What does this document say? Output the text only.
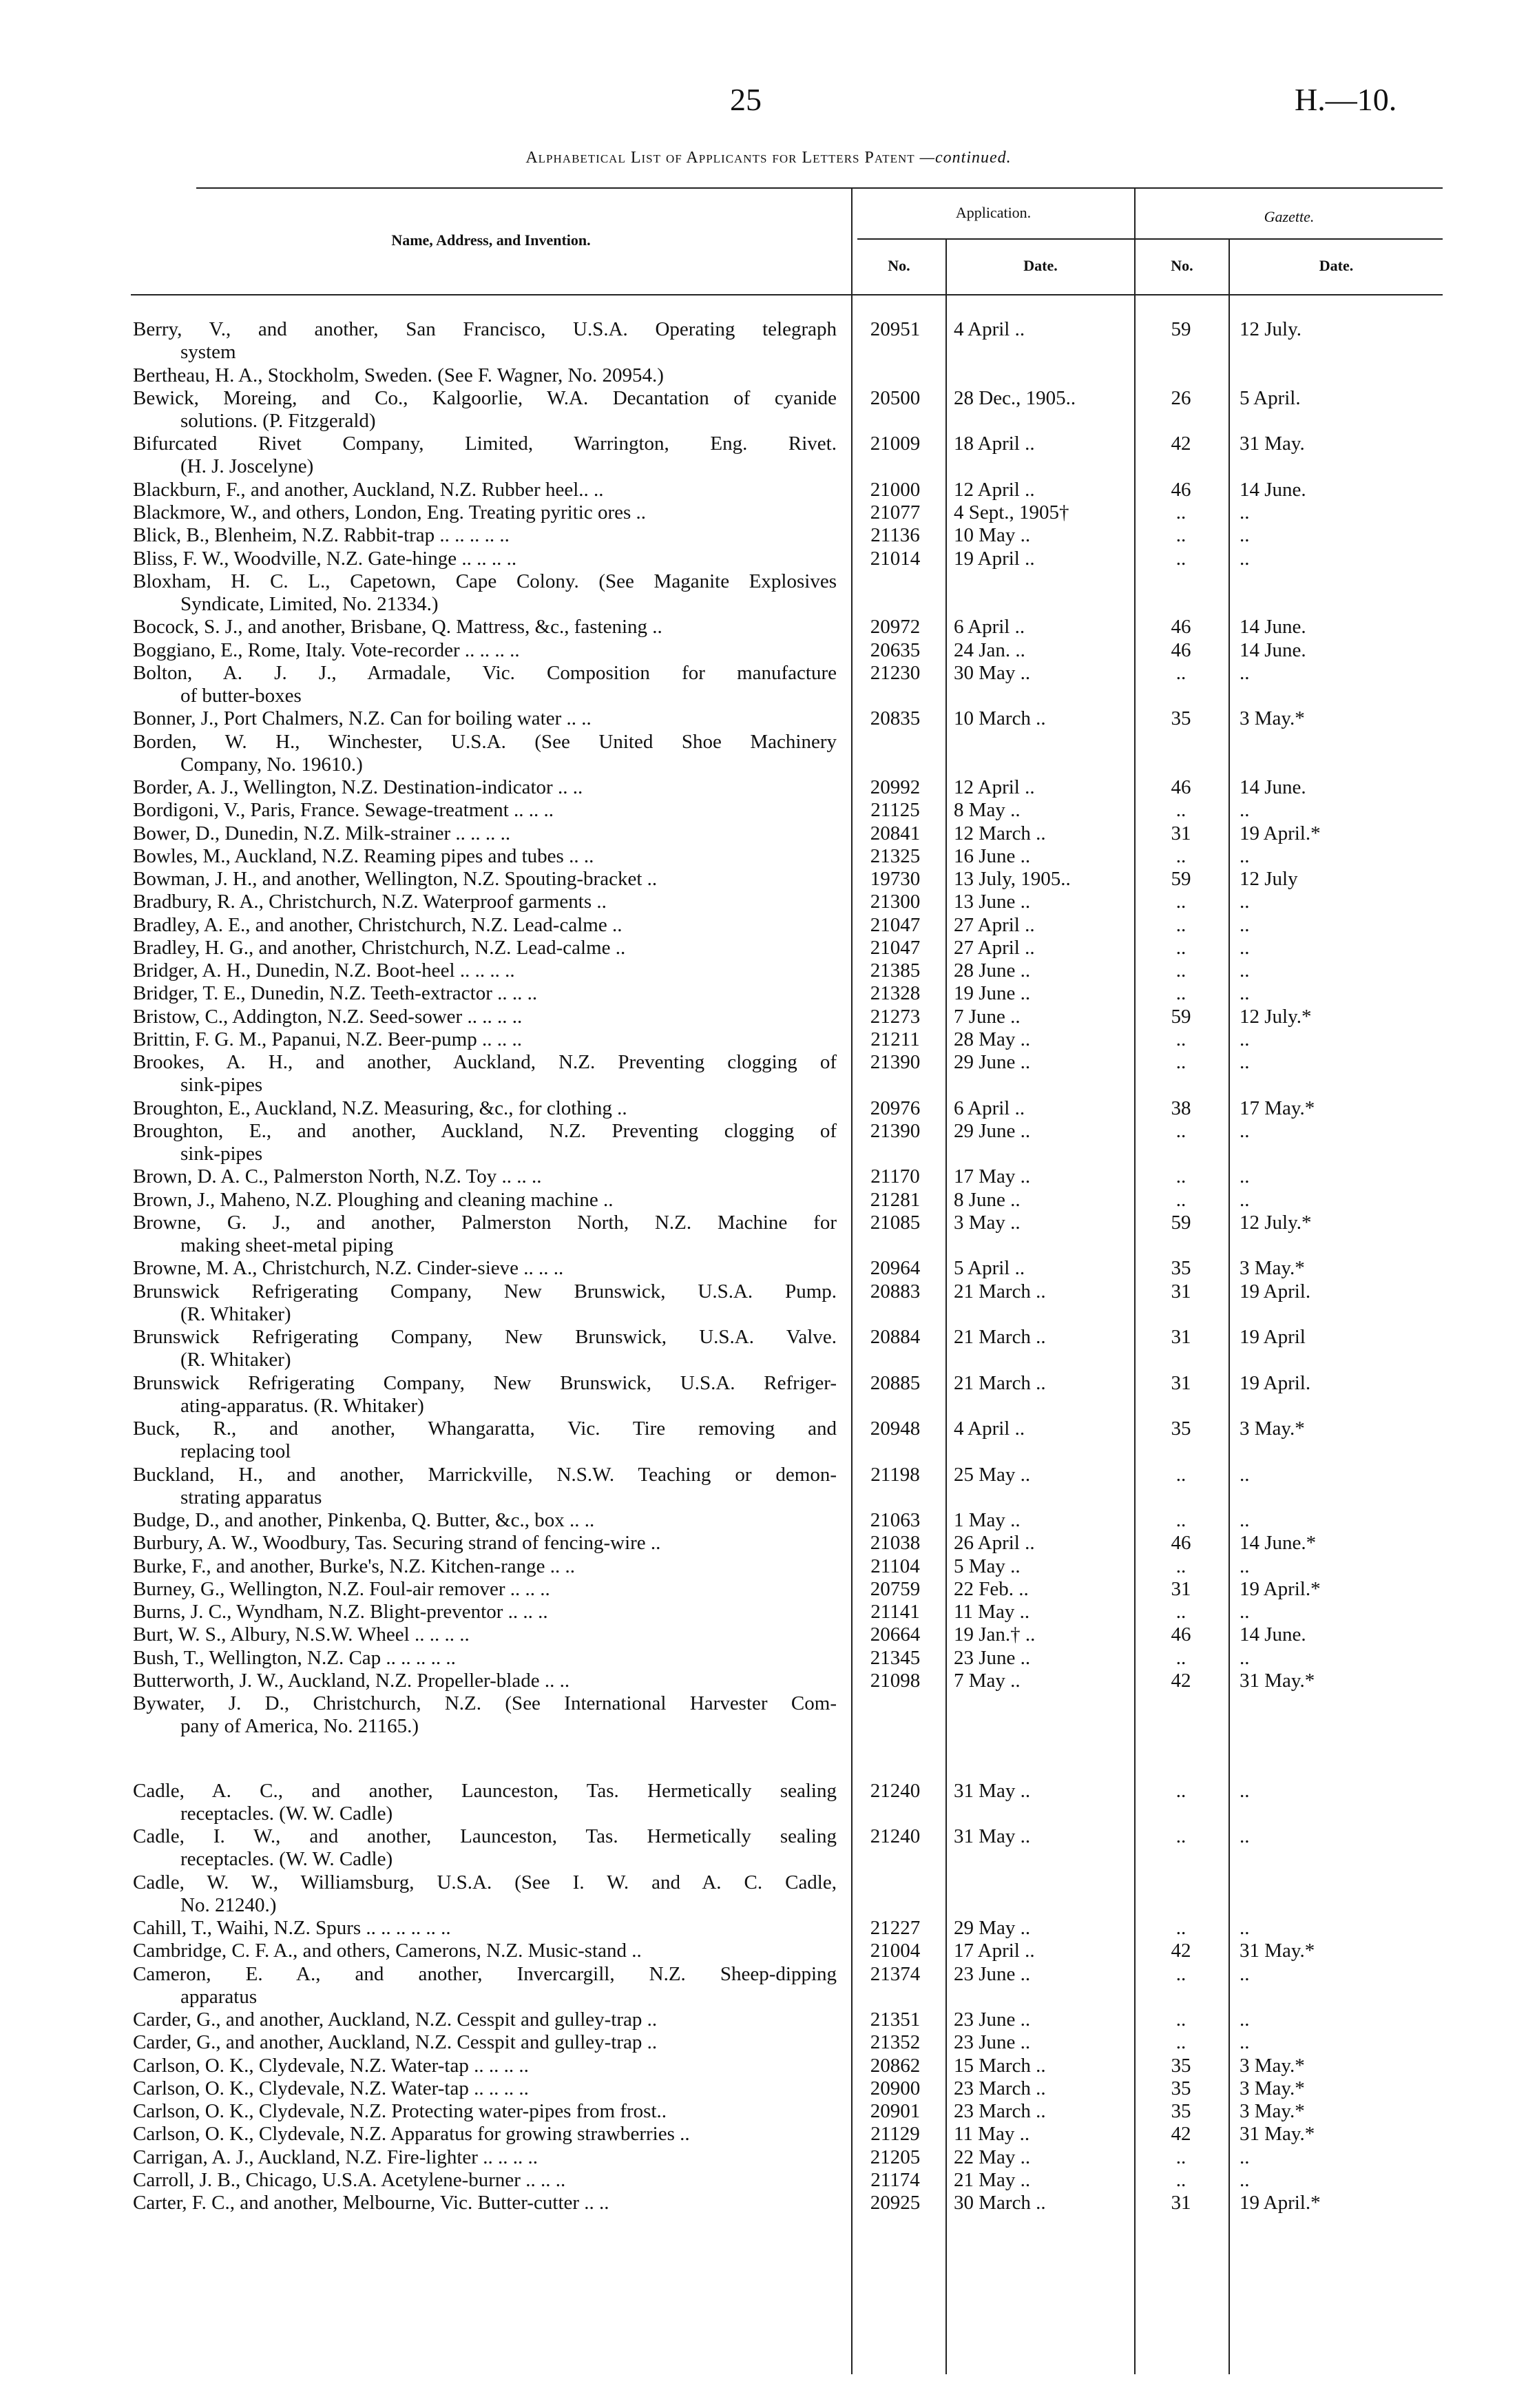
25	H.—10.
Alphabetical List of Applicants for Letters Patent —continued.
Name, Address, and Invention.
Application.	Gazette.
No.	Date.	No.	Date.
Berry, V., and another, San Francisco, U.S.A. Operating telegraph
system
20951	4 April ..	59	12 July.
Bertheau, H. A., Stockholm, Sweden. (See F. Wagner, No. 20954.)
Bewick, Moreing, and Co., Kalgoorlie, W.A. Decantation of cyanide
solutions. (P. Fitzgerald)
20500	28 Dec., 1905..	26	5 April.
Bifurcated Rivet Company, Limited, Warrington, Eng. Rivet.
(H. J. Joscelyne)
21009	18 April ..	42	31 May.
Blackburn, F., and another, Auckland, N.Z. Rubber heel.. ..	21000	12 April ..	46	14 June.
Blackmore, W., and others, London, Eng. Treating pyritic ores ..	21077	4 Sept., 1905†	..	..
Blick, B., Blenheim, N.Z. Rabbit-trap .. .. .. .. ..	21136	10 May ..	..	..
Bliss, F. W., Woodville, N.Z. Gate-hinge .. .. .. ..	21014	19 April ..	..	..
Bloxham, H. C. L., Capetown, Cape Colony. (See Maganite Explosives
Syndicate, Limited, No. 21334.)
Bocock, S. J., and another, Brisbane, Q. Mattress, &c., fastening ..	20972	6 April ..	46	14 June.
Boggiano, E., Rome, Italy. Vote-recorder .. .. .. ..	20635	24 Jan. ..	46	14 June.
Bolton, A. J. J., Armadale, Vic. Composition for manufacture
of butter-boxes
21230	30 May ..	..	..
Bonner, J., Port Chalmers, N.Z. Can for boiling water .. ..	20835	10 March ..	35	3 May.*
Borden, W. H., Winchester, U.S.A. (See United Shoe Machinery
Company, No. 19610.)
Border, A. J., Wellington, N.Z. Destination-indicator .. ..	20992	12 April ..	46	14 June.
Bordigoni, V., Paris, France. Sewage-treatment .. .. ..	21125	8 May ..	..	..
Bower, D., Dunedin, N.Z. Milk-strainer .. .. .. ..	20841	12 March ..	31	19 April.*
Bowles, M., Auckland, N.Z. Reaming pipes and tubes .. ..	21325	16 June ..	..	..
Bowman, J. H., and another, Wellington, N.Z. Spouting-bracket ..	19730	13 July, 1905..	59	12 July
Bradbury, R. A., Christchurch, N.Z. Waterproof garments ..	21300	13 June ..	..	..
Bradley, A. E., and another, Christchurch, N.Z. Lead-calme ..	21047	27 April ..	..	..
Bradley, H. G., and another, Christchurch, N.Z. Lead-calme ..	21047	27 April ..	..	..
Bridger, A. H., Dunedin, N.Z. Boot-heel .. .. .. ..	21385	28 June ..	..	..
Bridger, T. E., Dunedin, N.Z. Teeth-extractor .. .. ..	21328	19 June ..	..	..
Bristow, C., Addington, N.Z. Seed-sower .. .. .. ..	21273	7 June ..	59	12 July.*
Brittin, F. G. M., Papanui, N.Z. Beer-pump .. .. ..	21211	28 May ..	..	..
Brookes, A. H., and another, Auckland, N.Z. Preventing clogging of
sink-pipes
21390	29 June ..	..	..
Broughton, E., Auckland, N.Z. Measuring, &c., for clothing ..	20976	6 April ..	38	17 May.*
Broughton, E., and another, Auckland, N.Z. Preventing clogging of
sink-pipes
21390	29 June ..	..	..
Brown, D. A. C., Palmerston North, N.Z. Toy .. .. ..	21170	17 May ..	..	..
Brown, J., Maheno, N.Z. Ploughing and cleaning machine ..	21281	8 June ..	..	..
Browne, G. J., and another, Palmerston North, N.Z. Machine for
making sheet-metal piping
21085	3 May ..	59	12 July.*
Browne, M. A., Christchurch, N.Z. Cinder-sieve .. .. ..	20964	5 April ..	35	3 May.*
Brunswick Refrigerating Company, New Brunswick, U.S.A. Pump.
(R. Whitaker)
20883	21 March ..	31	19 April.
Brunswick Refrigerating Company, New Brunswick, U.S.A. Valve.
(R. Whitaker)
20884	21 March ..	31	19 April
Brunswick Refrigerating Company, New Brunswick, U.S.A. Refriger-
ating-apparatus. (R. Whitaker)
20885	21 March ..	31	19 April.
Buck, R., and another, Whangaratta, Vic. Tire removing and
replacing tool
20948	4 April ..	35	3 May.*
Buckland, H., and another, Marrickville, N.S.W. Teaching or demon-
strating apparatus
21198	25 May ..	..	..
Budge, D., and another, Pinkenba, Q. Butter, &c., box .. ..	21063	1 May ..	..	..
Burbury, A. W., Woodbury, Tas. Securing strand of fencing-wire ..	21038	26 April ..	46	14 June.*
Burke, F., and another, Burke's, N.Z. Kitchen-range .. ..	21104	5 May ..	..	..
Burney, G., Wellington, N.Z. Foul-air remover .. .. ..	20759	22 Feb. ..	31	19 April.*
Burns, J. C., Wyndham, N.Z. Blight-preventor .. .. ..	21141	11 May ..	..	..
Burt, W. S., Albury, N.S.W. Wheel .. .. .. ..	20664	19 Jan.† ..	46	14 June.
Bush, T., Wellington, N.Z. Cap .. .. .. .. ..	21345	23 June ..	..	..
Butterworth, J. W., Auckland, N.Z. Propeller-blade .. ..	21098	7 May ..	42	31 May.*
Bywater, J. D., Christchurch, N.Z. (See International Harvester Com-
pany of America, No. 21165.)
Cadle, A. C., and another, Launceston, Tas. Hermetically sealing
receptacles. (W. W. Cadle)
21240	31 May ..	..	..
Cadle, I. W., and another, Launceston, Tas. Hermetically sealing
receptacles. (W. W. Cadle)
21240	31 May ..	..	..
Cadle, W. W., Williamsburg, U.S.A. (See I. W. and A. C. Cadle,
No. 21240.)
Cahill, T., Waihi, N.Z. Spurs .. .. .. .. .. ..	21227	29 May ..	..	..
Cambridge, C. F. A., and others, Camerons, N.Z. Music-stand ..	21004	17 April ..	42	31 May.*
Cameron, E. A., and another, Invercargill, N.Z. Sheep-dipping
apparatus
21374	23 June ..	..	..
Carder, G., and another, Auckland, N.Z. Cesspit and gulley-trap ..	21351	23 June ..	..	..
Carder, G., and another, Auckland, N.Z. Cesspit and gulley-trap ..	21352	23 June ..	..	..
Carlson, O. K., Clydevale, N.Z. Water-tap .. .. .. ..	20862	15 March ..	35	3 May.*
Carlson, O. K., Clydevale, N.Z. Water-tap .. .. .. ..	20900	23 March ..	35	3 May.*
Carlson, O. K., Clydevale, N.Z. Protecting water-pipes from frost..	20901	23 March ..	35	3 May.*
Carlson, O. K., Clydevale, N.Z. Apparatus for growing strawberries ..	21129	11 May ..	42	31 May.*
Carrigan, A. J., Auckland, N.Z. Fire-lighter .. .. .. ..	21205	22 May ..	..	..
Carroll, J. B., Chicago, U.S.A. Acetylene-burner .. .. ..	21174	21 May ..	..	..
Carter, F. C., and another, Melbourne, Vic. Butter-cutter .. ..	20925	30 March ..	31	19 April.*
